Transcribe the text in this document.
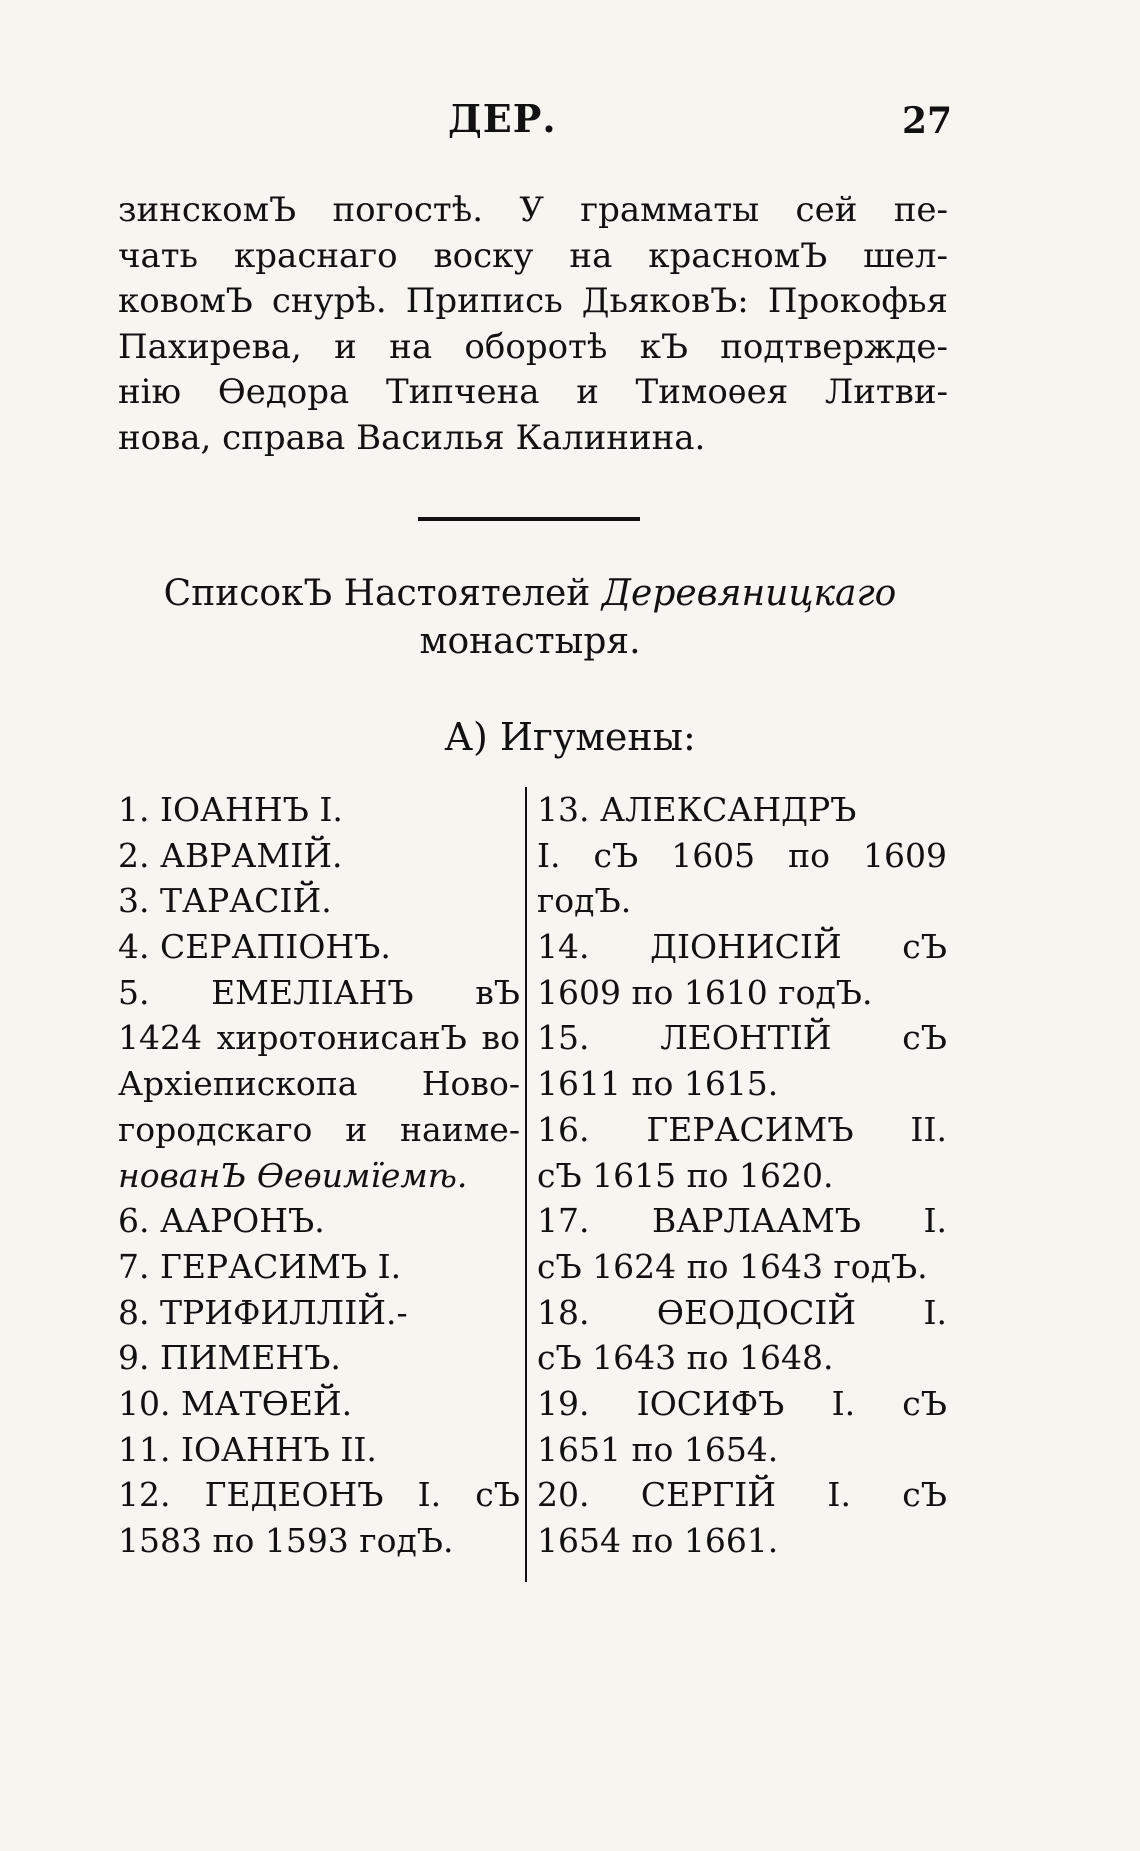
ДЕР.	27
зинскомЪ погостѣ. У грамматы сей пе-
чать краснаго воску на красномЪ шел-
ковомЪ снурѣ. Припись ДьяковЪ: Прокофья
Пахирева, и на оборотѣ кЪ подтвержде-
нію Ѳедора Типчена и Тимоѳея Литви-
нова, справа Василья Калинина.
СписокЪ Настоятелей Деревяницкаго
монастыря.
А) Игумены:
1. ІОАННЪ І.
2. АВРАМІЙ.
3. ТАРАСІЙ.
4. СЕРАПІОНЪ.
5. ЕМЕЛІАНЪ вЪ
1424 хиротонисанЪ во
Архіепископа Ново-
городскаго и наиме-
нованЪ Ѳеѳимїемѣ.
6. ААРОНЪ.
7. ГЕРАСИМЪ І.
8. ТРИФИЛЛІЙ.-
9. ПИМЕНЪ.
10. МАТѲЕЙ.
11. ІОАННЪ ІІ.
12. ГЕДЕОНЪ І. сЪ
1583 по 1593 годЪ.
13. АЛЕКСАНДРЪ
І. сЪ 1605 по 1609
годЪ.
14. ДІОНИСІЙ сЪ
1609 по 1610 годЪ.
15. ЛЕОНТІЙ сЪ
1611 по 1615.
16. ГЕРАСИМЪ ІІ.
сЪ 1615 по 1620.
17. ВАРЛААМЪ І.
сЪ 1624 по 1643 годЪ.
18. ѲЕОДОСІЙ І.
сЪ 1643 по 1648.
19. ІОСИФЪ І. сЪ
1651 по 1654.
20. СЕРГІЙ І. сЪ
1654 по 1661.
